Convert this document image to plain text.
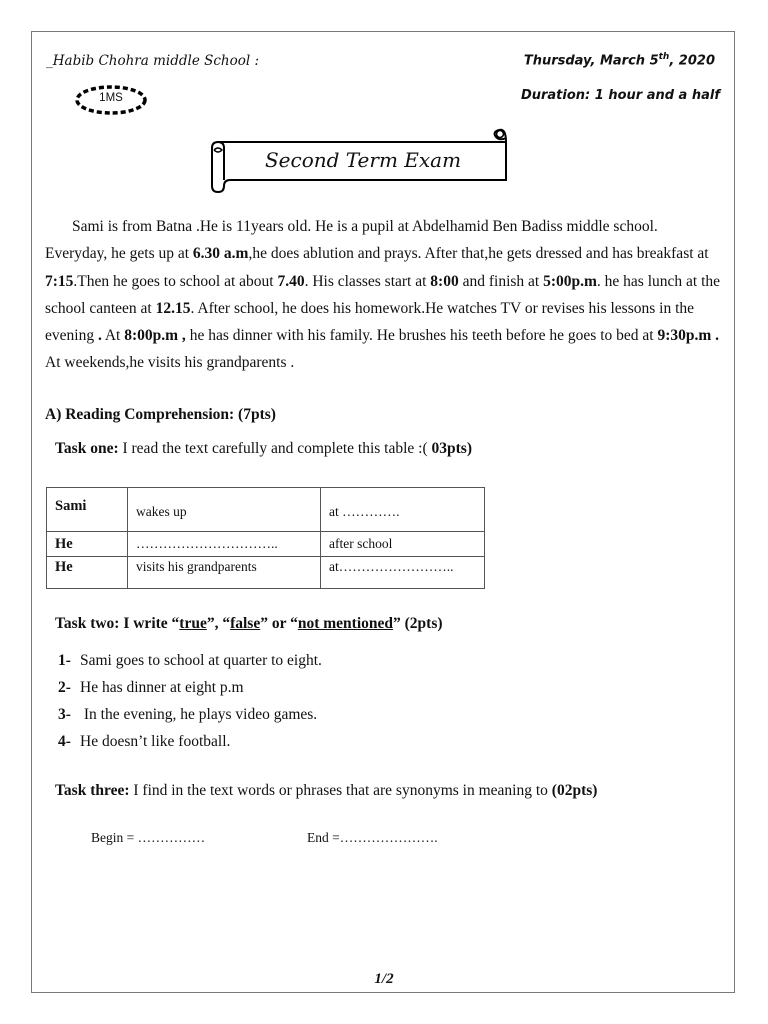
_Habib Chohra middle School :	Thursday, March 5th, 2020
Duration: 1 hour and a half
1MS
Second Term Exam
Sami is from Batna .He is 11years old. He is a pupil at Abdelhamid Ben Badiss middle school. Everyday, he gets up at 6.30 a.m,he does ablution and prays. After that,he gets dressed and has breakfast at 7:15.Then he goes to school at about 7.40. His classes start at 8:00 and finish at 5:00p.m. he has lunch at the school canteen at 12.15. After school, he does his homework.He watches TV or revises his lessons in the evening . At 8:00p.m , he has dinner with his family. He brushes his teeth before he goes to bed at 9:30p.m . At weekends,he visits his grandparents .
A) Reading Comprehension: (7pts)
Task one: I read the text carefully and complete this table :( 03pts)
Sami	wakes up	at ………….
He	…………………………..	after school
He	visits his grandparents	at……………………..
Task two: I write “true”, “false” or “not mentioned” (2pts)
1- Sami goes to school at quarter to eight.
2- He has dinner at eight p.m
3- In the evening, he plays video games.
4- He doesn’t like football.
Task three: I find in the text words or phrases that are synonyms in meaning to (02pts)
Begin = ……………	End =………………….
1/2
